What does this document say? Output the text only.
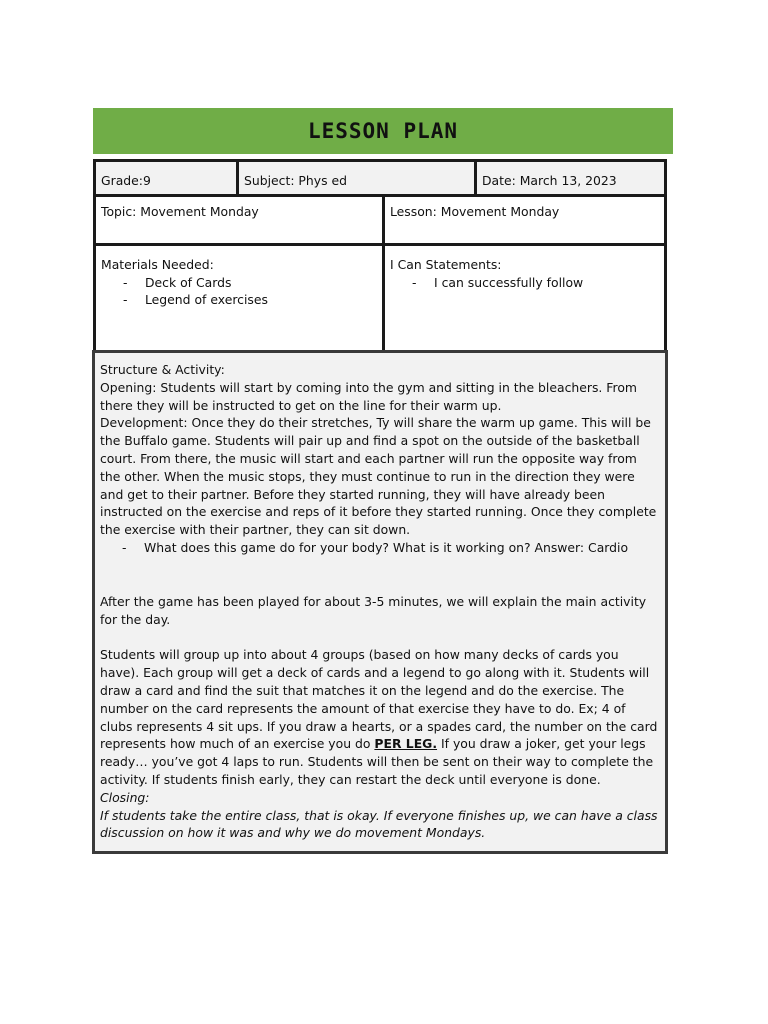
LESSON PLAN
Grade:9	Subject: Phys ed	Date: March 13, 2023
Topic: Movement Monday	Lesson: Movement Monday
Materials Needed:
-	Deck of Cards
-	Legend of exercises
I Can Statements:
-	I can successfully follow

Structure & Activity:

Opening: Students will start by coming into the gym and sitting in the bleachers. From there they will be instructed to get on the line for their warm up.

Development: Once they do their stretches, Ty will share the warm up game. This will be the Buffalo game. Students will pair up and find a spot on the outside of the basketball court. From there, the music will start and each partner will run the opposite way from the other. When the music stops, they must continue to run in the direction they were and get to their partner. Before they started running, they will have already been instructed on the exercise and reps of it before they started running. Once they complete the exercise with their partner, they can sit down.

-	What does this game do for your body? What is it working on? Answer: Cardio

After the game has been played for about 3-5 minutes, we will explain the main activity for the day.

Students will group up into about 4 groups (based on how many decks of cards you have). Each group will get a deck of cards and a legend to go along with it. Students will draw a card and find the suit that matches it on the legend and do the exercise. The number on the card represents the amount of that exercise they have to do. Ex; 4 of clubs represents 4 sit ups. If you draw a hearts, or a spades card, the number on the card represents how much of an exercise you do PER LEG. If you draw a joker, get your legs ready… you’ve got 4 laps to run. Students will then be sent on their way to complete the activity. If students finish early, they can restart the deck until everyone is done.

Closing:

If students take the entire class, that is okay. If everyone finishes up, we can have a class discussion on how it was and why we do movement Mondays.
